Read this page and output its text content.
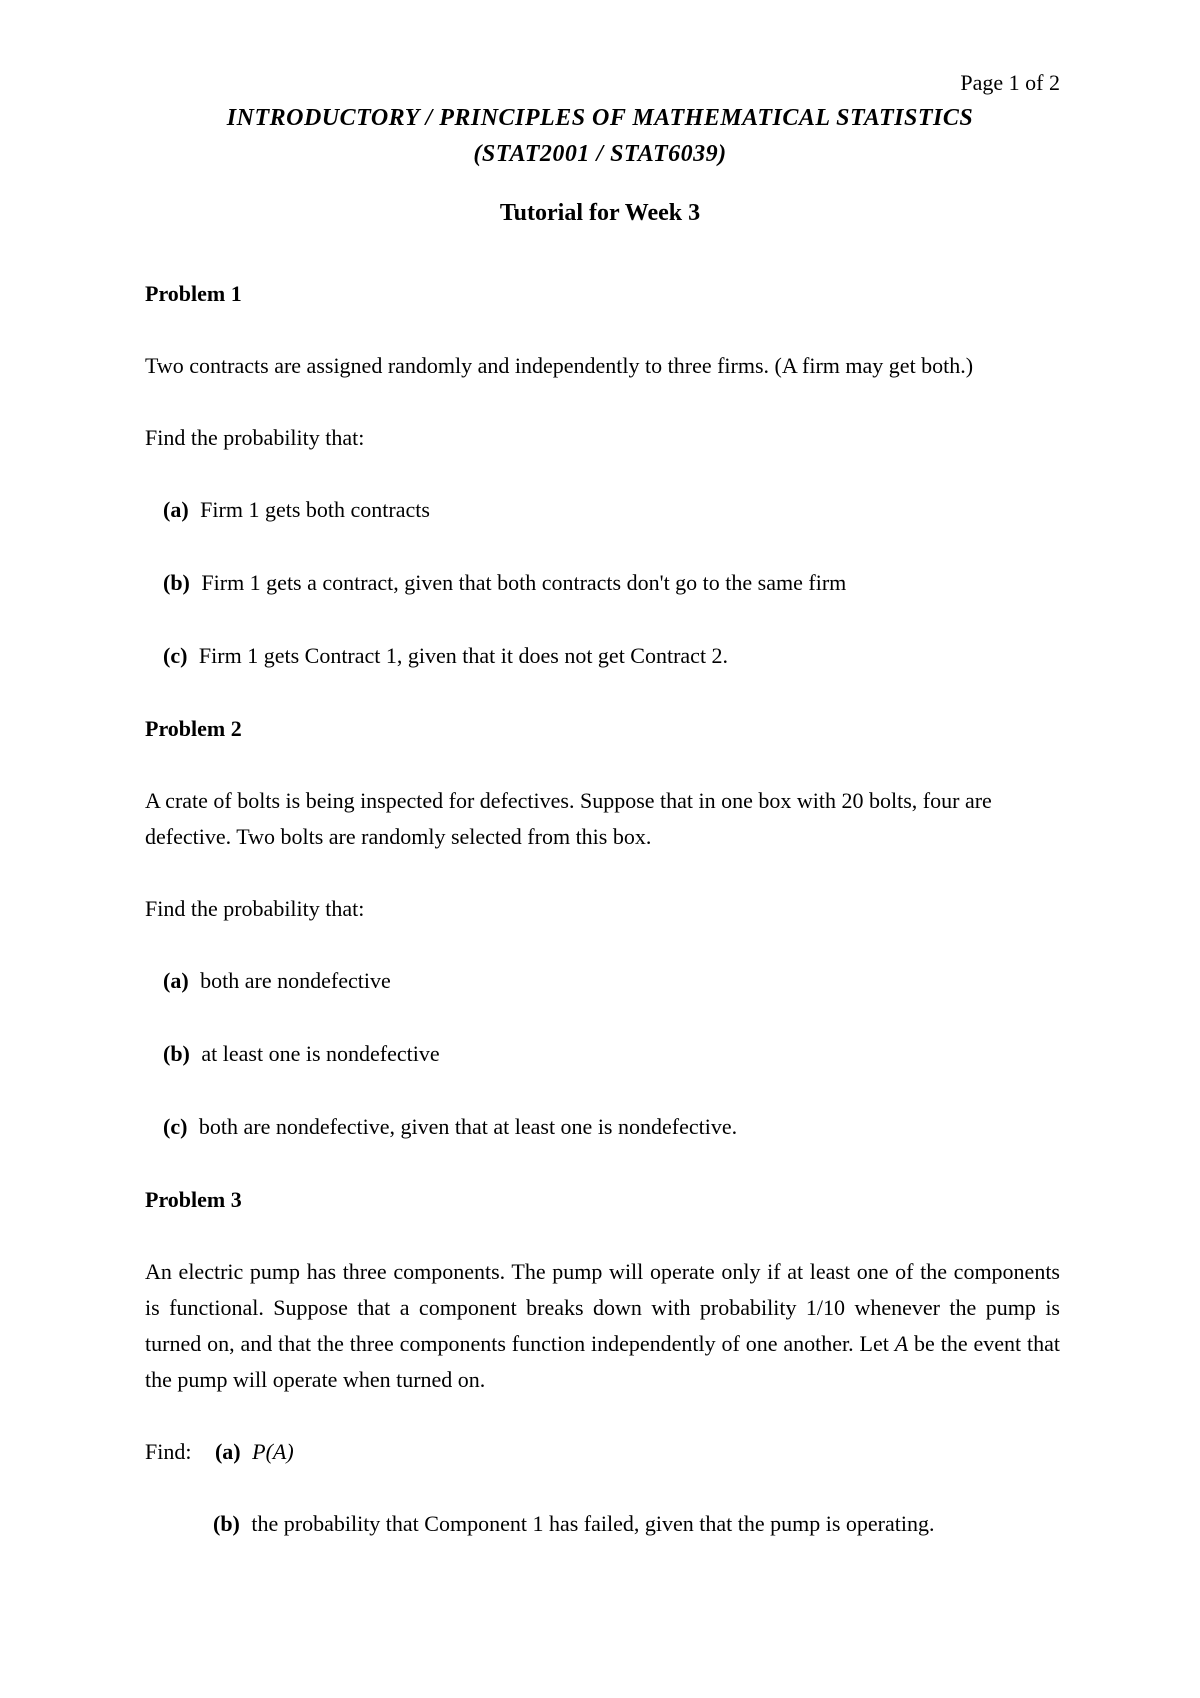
Page 1 of 2
INTRODUCTORY / PRINCIPLES OF MATHEMATICAL STATISTICS
(STAT2001 / STAT6039)
Tutorial for Week 3
Problem 1
Two contracts are assigned randomly and independently to three firms. (A firm may get both.)
Find the probability that:
(a) Firm 1 gets both contracts
(b) Firm 1 gets a contract, given that both contracts don't go to the same firm
(c) Firm 1 gets Contract 1, given that it does not get Contract 2.
Problem 2
A crate of bolts is being inspected for defectives. Suppose that in one box with 20 bolts, four are defective. Two bolts are randomly selected from this box.
Find the probability that:
(a) both are nondefective
(b) at least one is nondefective
(c) both are nondefective, given that at least one is nondefective.
Problem 3
An electric pump has three components. The pump will operate only if at least one of the components is functional. Suppose that a component breaks down with probability 1/10 whenever the pump is turned on, and that the three components function independently of one another. Let A be the event that the pump will operate when turned on.
Find: (a) P(A)
(b) the probability that Component 1 has failed, given that the pump is operating.
